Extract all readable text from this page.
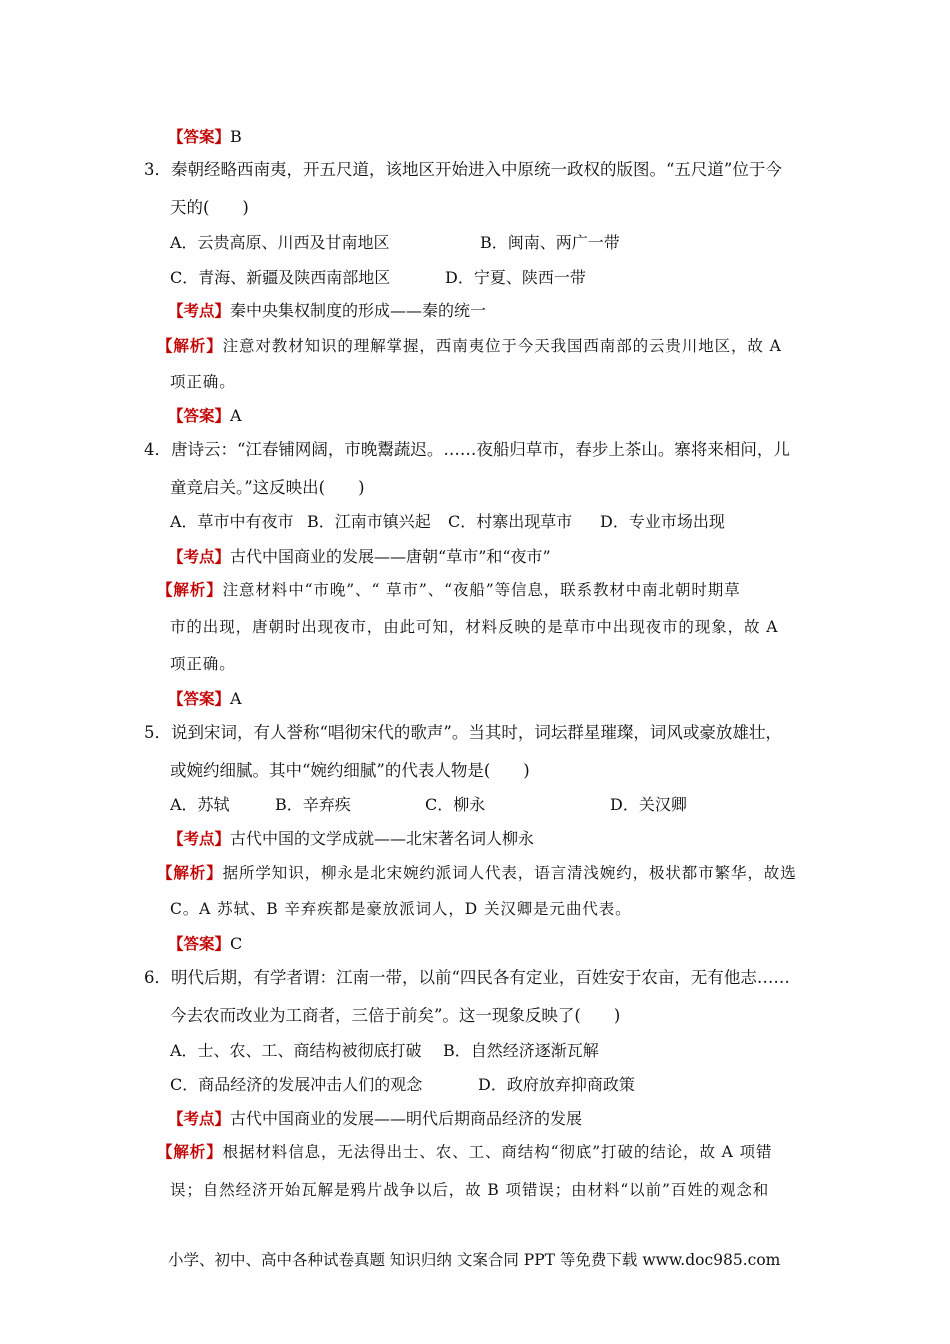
【答案】B
3．秦朝经略西南夷，开五尺道，该地区开始进入中原统一政权的版图。“五尺道”位于今
天的(　　)
A．云贵高原、川西及甘南地区	B．闽南、两广一带
C．青海、新疆及陕西南部地区	D．宁夏、陕西一带
【考点】秦中央集权制度的形成——秦的统一
【解析】注意对教材知识的理解掌握，西南夷位于今天我国西南部的云贵川地区，故 A
项正确。
【答案】A
4．唐诗云：“江春铺网阔，市晚鬻蔬迟。……夜船归草市，春步上茶山。寨将来相问，儿
童竞启关。”这反映出(　　)
A．草市中有夜市 B．江南市镇兴起 C．村寨出现草市 D．专业市场出现
【考点】古代中国商业的发展——唐朝“草市”和“夜市”
【解析】注意材料中“市晚”、“ 草市”、“夜船”等信息，联系教材中南北朝时期草
市的出现，唐朝时出现夜市，由此可知，材料反映的是草市中出现夜市的现象，故 A
项正确。
【答案】A
5．说到宋词，有人誉称“唱彻宋代的歌声”。当其时，词坛群星璀璨，词风或豪放雄壮，
或婉约细腻。其中“婉约细腻”的代表人物是(　　)
A．苏轼	B．辛弃疾	C．柳永	D．关汉卿
【考点】古代中国的文学成就——北宋著名词人柳永
【解析】据所学知识，柳永是北宋婉约派词人代表，语言清浅婉约，极状都市繁华，故选
C。A 苏轼、B 辛弃疾都是豪放派词人，D 关汉卿是元曲代表。
【答案】C
6．明代后期，有学者谓：江南一带，以前“四民各有定业，百姓安于农亩，无有他志……
今去农而改业为工商者，三倍于前矣”。这一现象反映了(　　)
A．士、农、工、商结构被彻底打破 B．自然经济逐渐瓦解
C．商品经济的发展冲击人们的观念	D．政府放弃抑商政策
【考点】古代中国商业的发展——明代后期商品经济的发展
【解析】根据材料信息，无法得出士、农、工、商结构“彻底”打破的结论，故 A 项错
误；自然经济开始瓦解是鸦片战争以后，故 B 项错误；由材料“以前”百姓的观念和
小学、初中、高中各种试卷真题 知识归纳 文案合同 PPT 等免费下载 www.doc985.com
